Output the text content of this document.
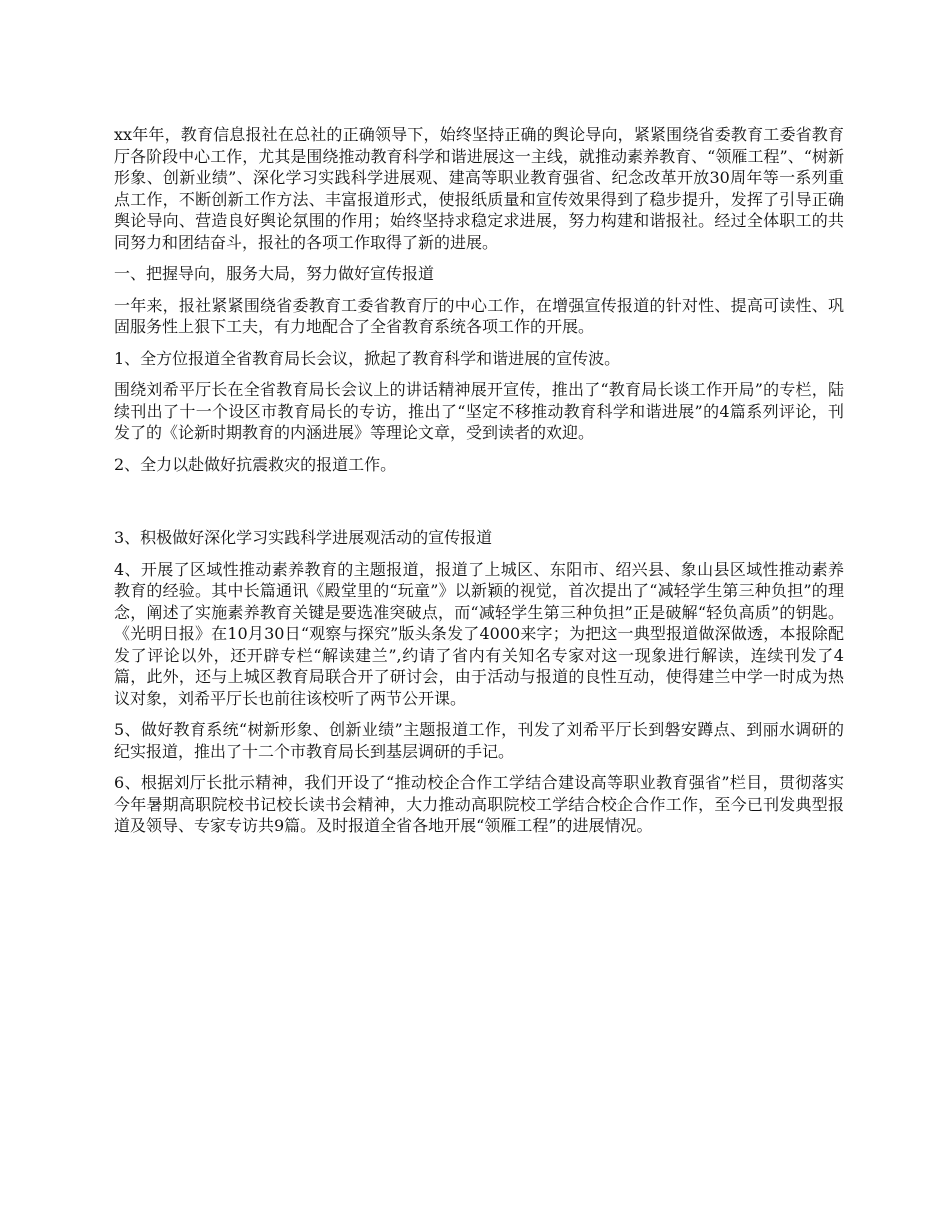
xx年年，教育信息报社在总社的正确领导下，始终坚持正确的舆论导向，紧紧围绕省委教育工委省教育厅各阶段中心工作，尤其是围绕推动教育科学和谐进展这一主线，就推动素养教育、“领雁工程”、“树新形象、创新业绩”、深化学习实践科学进展观、建高等职业教育强省、纪念改革开放30周年等一系列重点工作，不断创新工作方法、丰富报道形式，使报纸质量和宣传效果得到了稳步提升，发挥了引导正确舆论导向、营造良好舆论氛围的作用；始终坚持求稳定求进展，努力构建和谐报社。经过全体职工的共同努力和团结奋斗，报社的各项工作取得了新的进展。

一、把握导向，服务大局，努力做好宣传报道

一年来，报社紧紧围绕省委教育工委省教育厅的中心工作，在增强宣传报道的针对性、提高可读性、巩固服务性上狠下工夫，有力地配合了全省教育系统各项工作的开展。

1、全方位报道全省教育局长会议，掀起了教育科学和谐进展的宣传波。

围绕刘希平厅长在全省教育局长会议上的讲话精神展开宣传，推出了“教育局长谈工作开局”的专栏，陆续刊出了十一个设区市教育局长的专访，推出了“坚定不移推动教育科学和谐进展”的4篇系列评论，刊发了的《论新时期教育的内涵进展》等理论文章，受到读者的欢迎。

2、全力以赴做好抗震救灾的报道工作。

3、积极做好深化学习实践科学进展观活动的宣传报道

4、开展了区域性推动素养教育的主题报道，报道了上城区、东阳市、绍兴县、象山县区域性推动素养教育的经验。其中长篇通讯《殿堂里的“玩童”》以新颖的视觉，首次提出了“减轻学生第三种负担”的理念，阐述了实施素养教育关键是要选准突破点，而“减轻学生第三种负担”正是破解“轻负高质”的钥匙。《光明日报》在10月30日“观察与探究”版头条发了4000来字；为把这一典型报道做深做透，本报除配发了评论以外，还开辟专栏“解读建兰”,约请了省内有关知名专家对这一现象进行解读，连续刊发了4篇，此外，还与上城区教育局联合开了研讨会，由于活动与报道的良性互动，使得建兰中学一时成为热议对象，刘希平厅长也前往该校听了两节公开课。

5、做好教育系统“树新形象、创新业绩”主题报道工作，刊发了刘希平厅长到磐安蹲点、到丽水调研的纪实报道，推出了十二个市教育局长到基层调研的手记。

6、根据刘厅长批示精神，我们开设了“推动校企合作工学结合建设高等职业教育强省”栏目，贯彻落实今年暑期高职院校书记校长读书会精神，大力推动高职院校工学结合校企合作工作，至今已刊发典型报道及领导、专家专访共9篇。及时报道全省各地开展“领雁工程”的进展情况。
